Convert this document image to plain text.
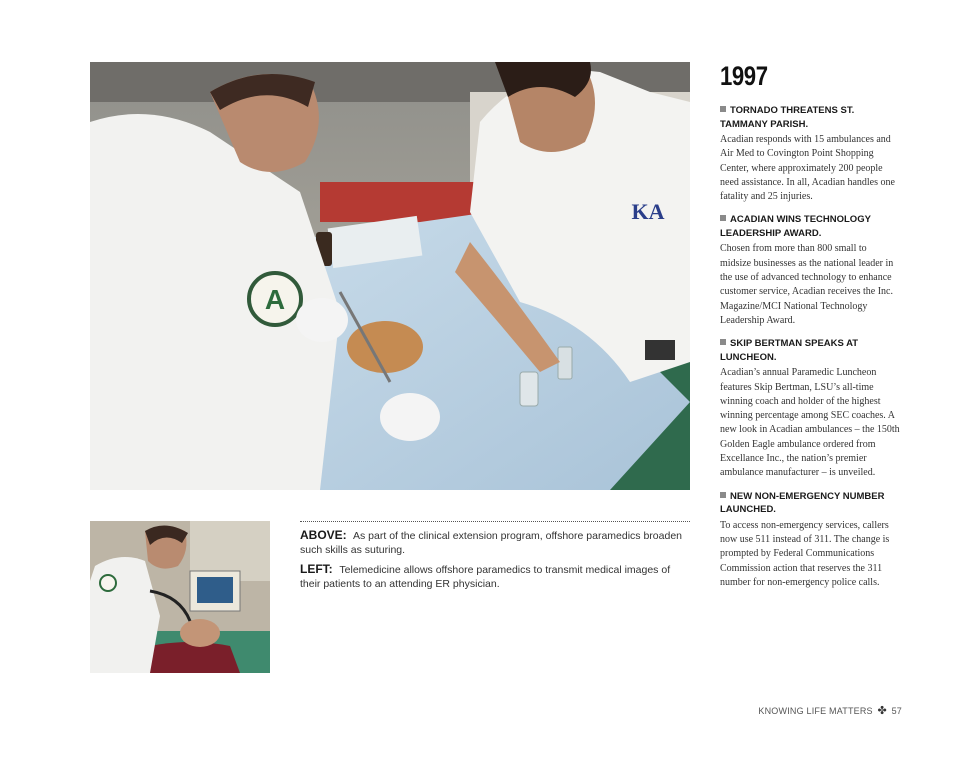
A
KA

ABOVE: As part of the clinical extension program, offshore paramedics broaden such skills as suturing.

LEFT: Telemedicine allows offshore paramedics to transmit medical images of their patients to an attending ER physician.

1997
TORNADO THREATENS ST. TAMMANY PARISH.
Acadian responds with 15 ambulances and Air Med to Covington Point Shopping Center, where approximately 200 people need assistance. In all, Acadian handles one fatality and 25 injuries.
ACADIAN WINS TECHNOLOGY LEADERSHIP AWARD.
Chosen from more than 800 small to midsize businesses as the national leader in the use of advanced technology to enhance customer service, Acadian receives the Inc. Magazine/MCI National Technology Leadership Award.
SKIP BERTMAN SPEAKS AT LUNCHEON.
Acadian’s annual Paramedic Luncheon features Skip Bertman, LSU’s all-time winning coach and holder of the highest winning percentage among SEC coaches. A new look in Acadian ambulances – the 150th Golden Eagle ambulance ordered from Excellance Inc., the nation’s premier ambulance manufacturer – is unveiled.
NEW NON-EMERGENCY NUMBER LAUNCHED.
To access non-emergency services, callers now use 511 instead of 311. The change is prompted by Federal Communications Commission action that reserves the 311 number for non-emergency police calls.
KNOWING LIFE MATTERS ✤ 57
